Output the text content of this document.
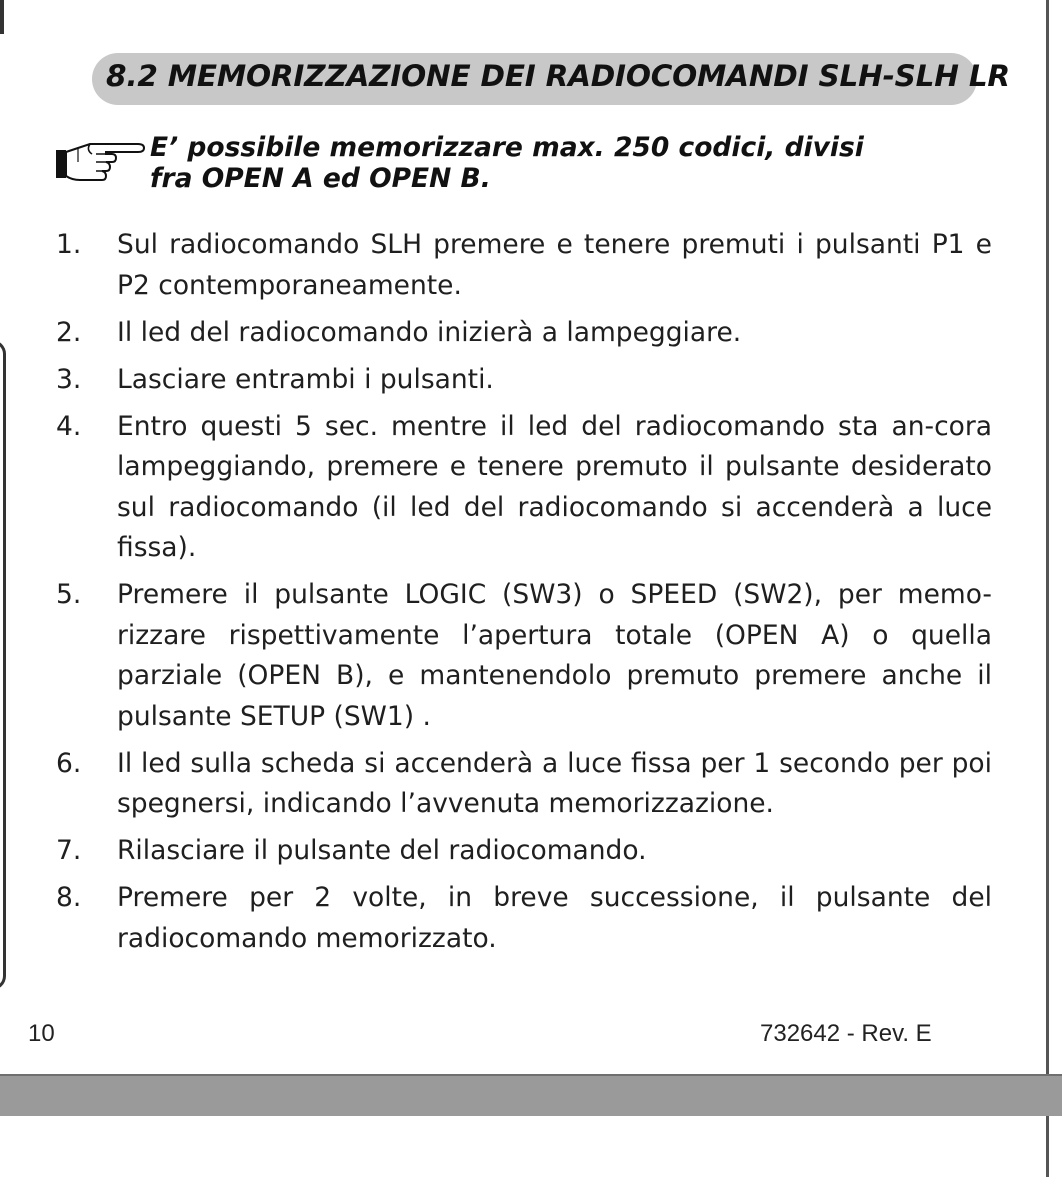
8.2 MEMORIZZAZIONE DEI RADIOCOMANDI SLH-SLH LR
E’ possibile memorizzare max. 250 codici, divisi
fra OPEN A ed OPEN B.
1.	Sul radiocomando SLH premere e tenere premuti i pulsanti P1 e P2 contemporaneamente.
2.	Il led del radiocomando inizierà a lampeggiare.
3.	Lasciare entrambi i pulsanti.
4.	Entro questi 5 sec. mentre il led del radiocomando sta an-cora lampeggiando, premere e tenere premuto il pulsante desiderato sul radiocomando (il led del radiocomando si accenderà a luce fissa).
5.	Premere il pulsante LOGIC (SW3) o SPEED (SW2), per memo-rizzare rispettivamente l’apertura totale (OPEN A) o quella parziale (OPEN B), e mantenendolo premuto premere anche il pulsante SETUP (SW1) .
6.	Il led sulla scheda si accenderà a luce fissa per 1 secondo per poi spegnersi, indicando l’avvenuta memorizzazione.
7.	Rilasciare il pulsante del radiocomando.
8.	Premere per 2 volte, in breve successione, il pulsante del radiocomando memorizzato.
10	732642 - Rev. E
